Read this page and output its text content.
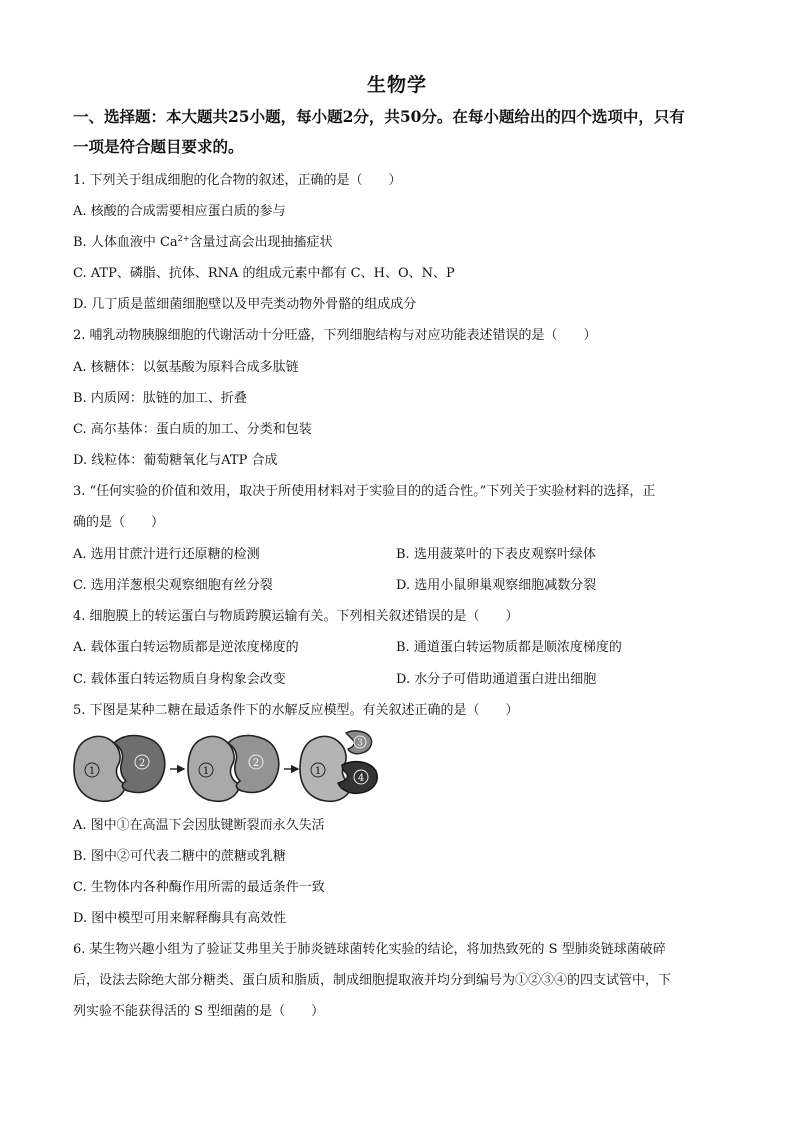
生物学
一、选择题：本大题共25小题，每小题2分，共50分。在每小题给出的四个选项中，只有
一项是符合题目要求的。
1. 下列关于组成细胞的化合物的叙述，正确的是（　　）
A. 核酸的合成需要相应蛋白质的参与
B. 人体血液中 $Ca^{2+}$含量过高会出现抽搐症状
C. ATP、磷脂、抗体、RNA 的组成元素中都有 C、H、O、N、P
D. 几丁质是蓝细菌细胞壁以及甲壳类动物外骨骼的组成成分
2. 哺乳动物胰腺细胞的代谢活动十分旺盛，下列细胞结构与对应功能表述错误的是（　　）
A. 核糖体：以氨基酸为原料合成多肽链
B. 内质网：肽链的加工、折叠
C. 高尔基体：蛋白质的加工、分类和包装
D. 线粒体：葡萄糖氧化与ATP 合成
3. “任何实验的价值和效用，取决于所使用材料对于实验目的的适合性。”下列关于实验材料的选择，正
确的是（　　）
A. 选用甘蔗汁进行还原糖的检测	B. 选用菠菜叶的下表皮观察叶绿体
C. 选用洋葱根尖观察细胞有丝分裂	D. 选用小鼠卵巢观察细胞减数分裂
4. 细胞膜上的转运蛋白与物质跨膜运输有关。下列相关叙述错误的是（　　）
A. 载体蛋白转运物质都是逆浓度梯度的	B. 通道蛋白转运物质都是顺浓度梯度的
C. 载体蛋白转运物质自身构象会改变	D. 水分子可借助通道蛋白进出细胞
5. 下图是某种二糖在最适条件下的水解反应模型。有关叙述正确的是（　　）
1
2
1
2
1
3
4
A. 图中①在高温下会因肽键断裂而永久失活
B. 图中②可代表二糖中的蔗糖或乳糖
C. 生物体内各种酶作用所需的最适条件一致
D. 图中模型可用来解释酶具有高效性
6. 某生物兴趣小组为了验证艾弗里关于肺炎链球菌转化实验的结论，将加热致死的 S 型肺炎链球菌破碎
后，设法去除绝大部分糖类、蛋白质和脂质，制成细胞提取液并均分到编号为①②③④的四支试管中，下
列实验不能获得活的 S 型细菌的是（　　）
